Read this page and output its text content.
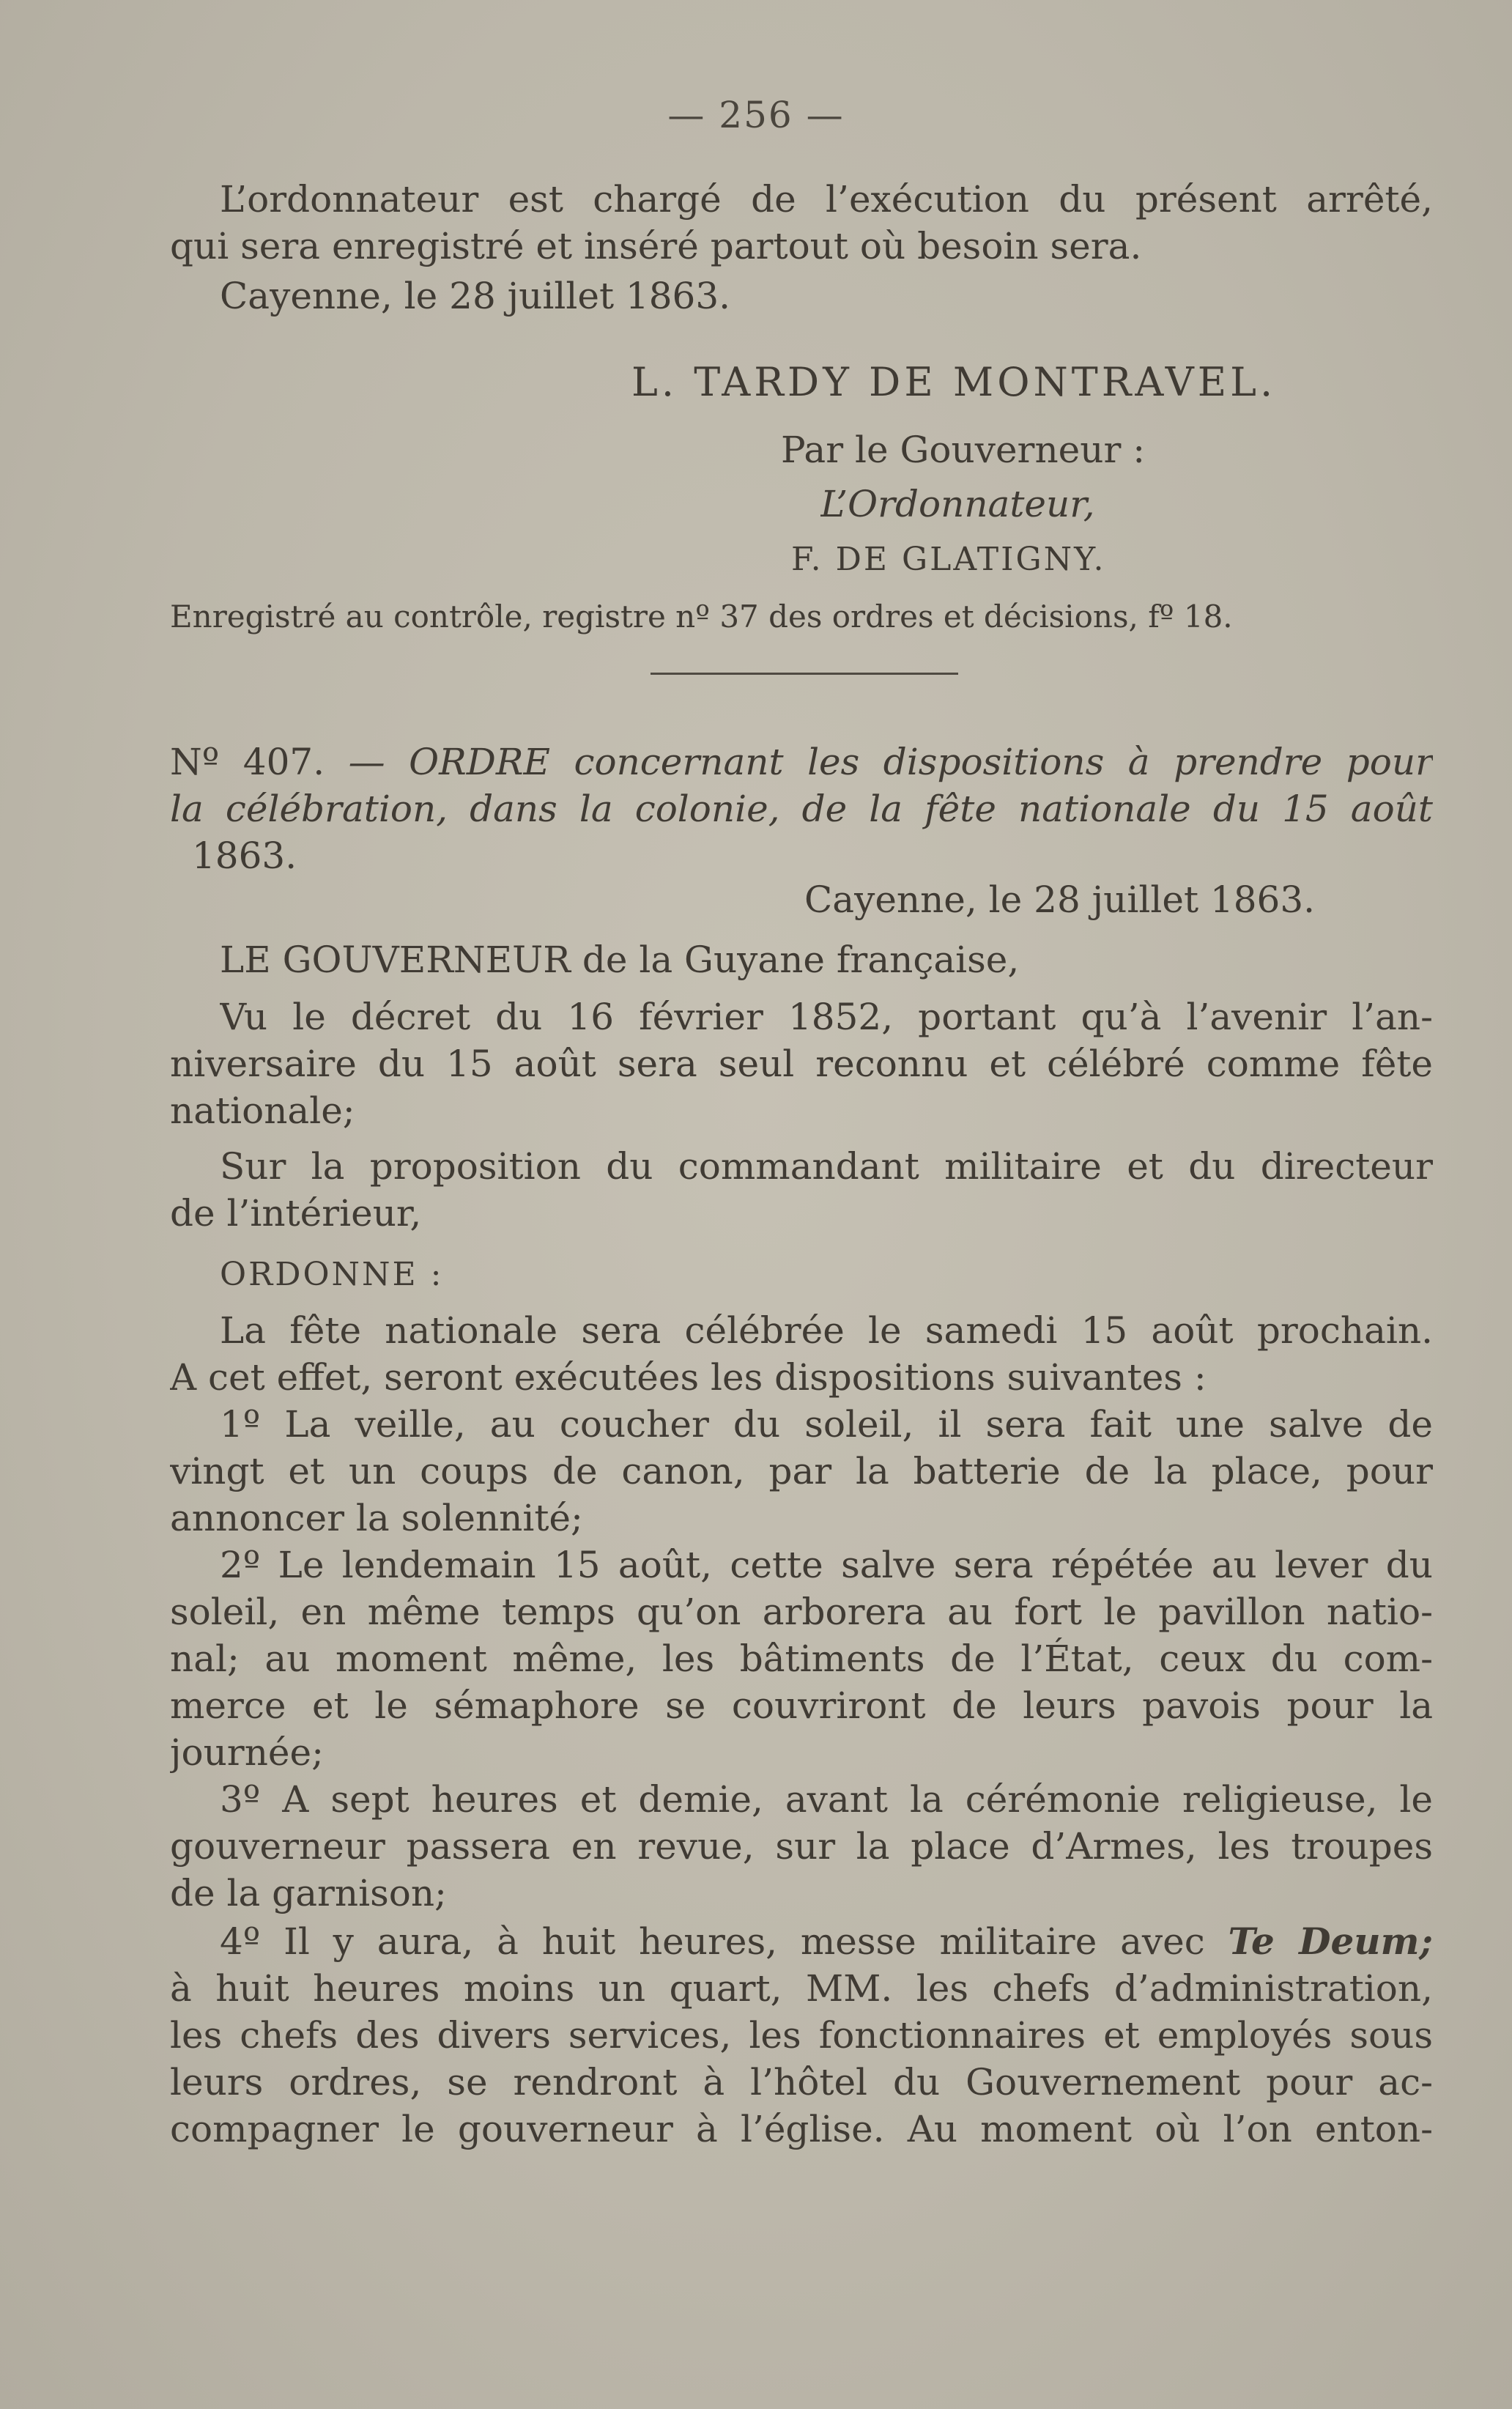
— 256 —
L’ordonnateur est chargé de l’exécution du présent arrêté,
qui sera enregistré et inséré partout où besoin sera.
Cayenne, le 28 juillet 1863.
L. TARDY DE MONTRAVEL.
Par le Gouverneur :
L’Ordonnateur,
F. DE GLATIGNY.
Enregistré au contrôle, registre nº 37 des ordres et décisions, fº 18.
Nº 407. — ORDRE concernant les dispositions à prendre pour
la célébration, dans la colonie, de la fête nationale du 15 août
1863.
Cayenne, le 28 juillet 1863.
LE GOUVERNEUR de la Guyane française,
Vu le décret du 16 février 1852, portant qu’à l’avenir l’an-
niversaire du 15 août sera seul reconnu et célébré comme fête
nationale;
Sur la proposition du commandant militaire et du directeur
de l’intérieur,
ORDONNE :
La fête nationale sera célébrée le samedi 15 août prochain.
A cet effet, seront exécutées les dispositions suivantes :
1º La veille, au coucher du soleil, il sera fait une salve de
vingt et un coups de canon, par la batterie de la place, pour
annoncer la solennité;
2º Le lendemain 15 août, cette salve sera répétée au lever du
soleil, en même temps qu’on arborera au fort le pavillon natio-
nal; au moment même, les bâtiments de l’État, ceux du com-
merce et le sémaphore se couvriront de leurs pavois pour la
journée;
3º A sept heures et demie, avant la cérémonie religieuse, le
gouverneur passera en revue, sur la place d’Armes, les troupes
de la garnison;
4º Il y aura, à huit heures, messe militaire avec Te Deum;
à huit heures moins un quart, MM. les chefs d’administration,
les chefs des divers services, les fonctionnaires et employés sous
leurs ordres, se rendront à l’hôtel du Gouvernement pour ac-
compagner le gouverneur à l’église. Au moment où l’on enton-
